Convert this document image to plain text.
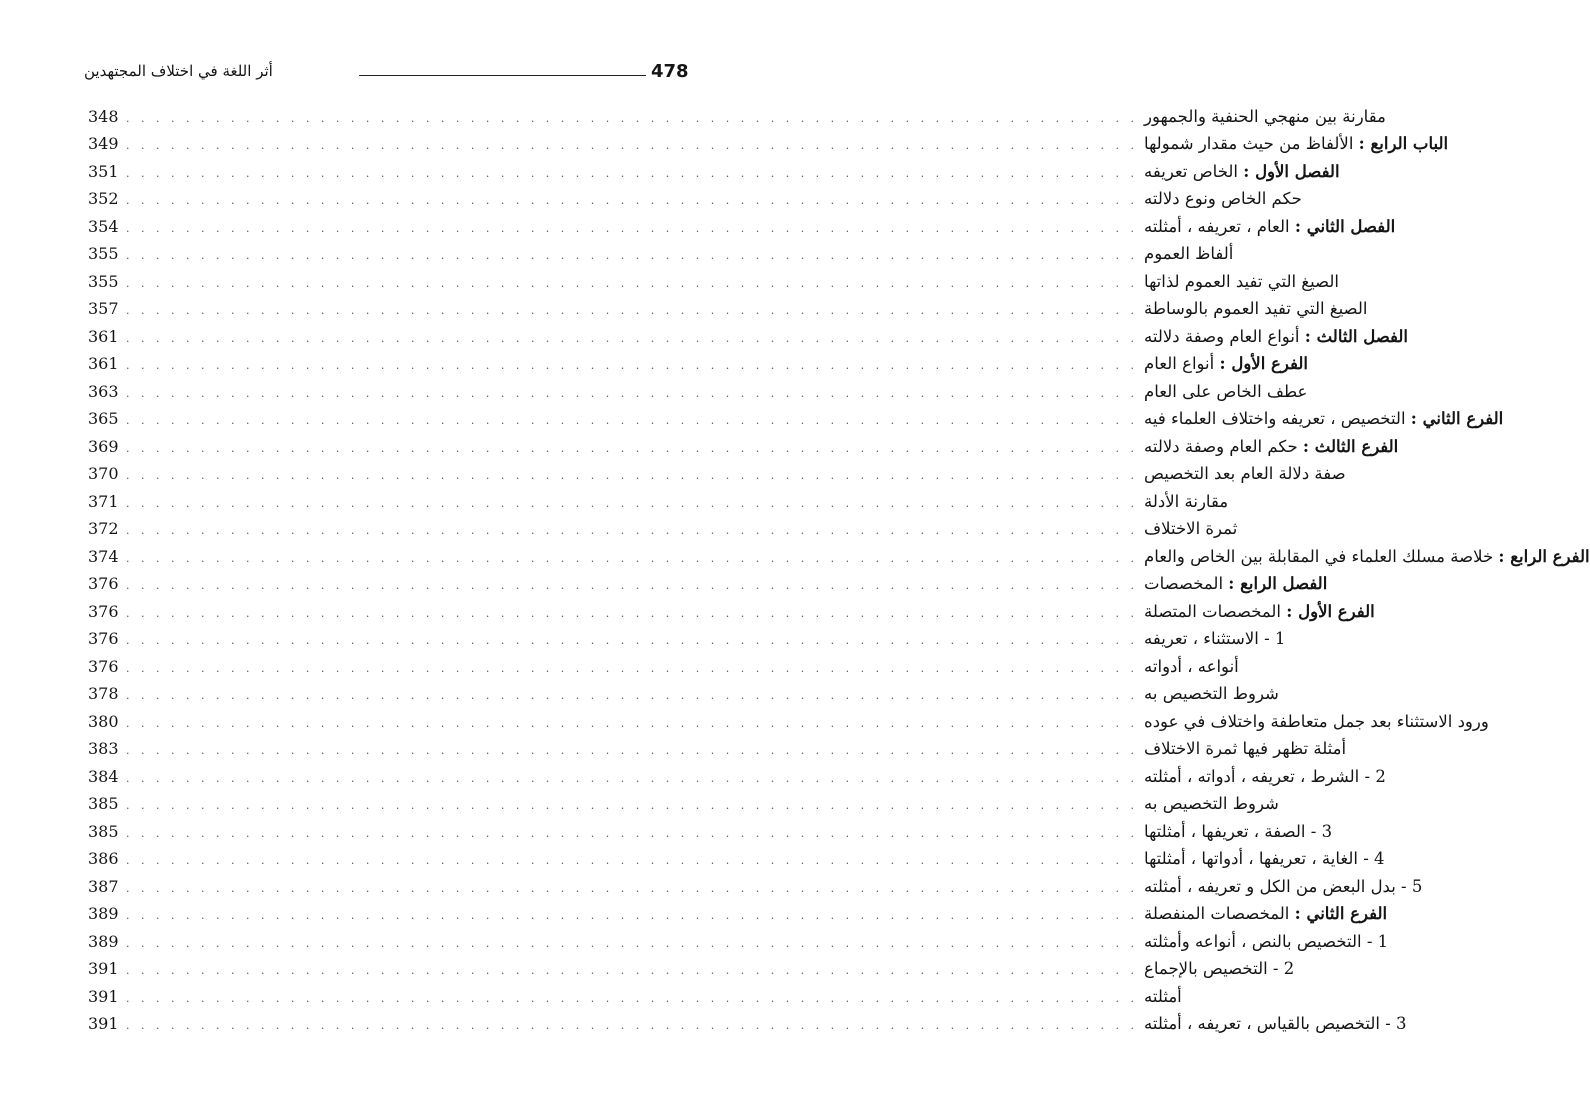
478
أثر اللغة في اختلاف المجتهدين
348 . . . . . . . . . . . . . . . . . . . . . . . . . . . . . . . . . . . . . . . . . . . . . . . . . . . . . . . . . . . . . . . . . . . . مقارنة بين منهجي الحنفية والجمهور
349 . . . . . . . . . . . . . . . . . . . . . . . . . . . . . . . . . . . . . . . . . . . . . . . . . . . . . . . . . . . . . . . . . . . .	الباب الرابع : الألفاظ من حيث مقدار شمولها
351 . . . . . . . . . . . . . . . . . . . . . . . . . . . . . . . . . . . . . . . . . . . . . . . . . . . . . . . . . . . . . . . . . . . .	الفصل الأول : الخاص تعريفه
352 . . . . . . . . . . . . . . . . . . . . . . . . . . . . . . . . . . . . . . . . . . . . . . . . . . . . . . . . . . . . . . . . . . . . حكم الخاص ونوع دلالته
354 . . . . . . . . . . . . . . . . . . . . . . . . . . . . . . . . . . . . . . . . . . . . . . . . . . . . . . . . . . . . . . . . . . . .	الفصل الثاني : العام ، تعريفه ، أمثلته
355 . . . . . . . . . . . . . . . . . . . . . . . . . . . . . . . . . . . . . . . . . . . . . . . . . . . . . . . . . . . . . . . . . . . . ألفاظ العموم
355 . . . . . . . . . . . . . . . . . . . . . . . . . . . . . . . . . . . . . . . . . . . . . . . . . . . . . . . . . . . . . . . . . . . . الصيغ التي تفيد العموم لذاتها
357 . . . . . . . . . . . . . . . . . . . . . . . . . . . . . . . . . . . . . . . . . . . . . . . . . . . . . . . . . . . . . . . . . . . . الصيغ التي تفيد العموم بالوساطة
361 . . . . . . . . . . . . . . . . . . . . . . . . . . . . . . . . . . . . . . . . . . . . . . . . . . . . . . . . . . . . . . . . . . . .	الفصل الثالث : أنواع العام وصفة دلالته
361 . . . . . . . . . . . . . . . . . . . . . . . . . . . . . . . . . . . . . . . . . . . . . . . . . . . . . . . . . . . . . . . . . . . .	الفرع الأول : أنواع العام
363 . . . . . . . . . . . . . . . . . . . . . . . . . . . . . . . . . . . . . . . . . . . . . . . . . . . . . . . . . . . . . . . . . . . . عطف الخاص على العام
365 . . . . . . . . . . . . . . . . . . . . . . . . . . . . . . . . . . . . . . . . . . . . . . . . . . . . . . . . . . . . . . . . . . . .	الفرع الثاني : التخصيص ، تعريفه واختلاف العلماء فيه
369 . . . . . . . . . . . . . . . . . . . . . . . . . . . . . . . . . . . . . . . . . . . . . . . . . . . . . . . . . . . . . . . . . . . .	الفرع الثالث : حكم العام وصفة دلالته
370 . . . . . . . . . . . . . . . . . . . . . . . . . . . . . . . . . . . . . . . . . . . . . . . . . . . . . . . . . . . . . . . . . . . . صفة دلالة العام بعد التخصيص
371 . . . . . . . . . . . . . . . . . . . . . . . . . . . . . . . . . . . . . . . . . . . . . . . . . . . . . . . . . . . . . . . . . . . . مقارنة الأدلة
372 . . . . . . . . . . . . . . . . . . . . . . . . . . . . . . . . . . . . . . . . . . . . . . . . . . . . . . . . . . . . . . . . . . . . ثمرة الاختلاف
374 . . . . . . . . . . . . . . . . . . . . . . . . . . . . . . . . . . . . . . . . . . . . . . . . . . . . . . . . . . . . . . . . . . . .	الفرع الرابع : خلاصة مسلك العلماء في المقابلة بين الخاص والعام
376 . . . . . . . . . . . . . . . . . . . . . . . . . . . . . . . . . . . . . . . . . . . . . . . . . . . . . . . . . . . . . . . . . . . .	الفصل الرابع : المخصصات
376 . . . . . . . . . . . . . . . . . . . . . . . . . . . . . . . . . . . . . . . . . . . . . . . . . . . . . . . . . . . . . . . . . . . .	الفرع الأول : المخصصات المتصلة
376 . . . . . . . . . . . . . . . . . . . . . . . . . . . . . . . . . . . . . . . . . . . . . . . . . . . . . . . . . . . . . . . . . . . . 1 - الاستثناء ، تعريفه
376 . . . . . . . . . . . . . . . . . . . . . . . . . . . . . . . . . . . . . . . . . . . . . . . . . . . . . . . . . . . . . . . . . . . . أنواعه ، أدواته
378 . . . . . . . . . . . . . . . . . . . . . . . . . . . . . . . . . . . . . . . . . . . . . . . . . . . . . . . . . . . . . . . . . . . . شروط التخصيص به
380 . . . . . . . . . . . . . . . . . . . . . . . . . . . . . . . . . . . . . . . . . . . . . . . . . . . . . . . . . . . . . . . . . . . . ورود الاستثناء بعد جمل متعاطفة واختلاف في عوده
383 . . . . . . . . . . . . . . . . . . . . . . . . . . . . . . . . . . . . . . . . . . . . . . . . . . . . . . . . . . . . . . . . . . . . أمثلة تظهر فيها ثمرة الاختلاف
384 . . . . . . . . . . . . . . . . . . . . . . . . . . . . . . . . . . . . . . . . . . . . . . . . . . . . . . . . . . . . . . . . . . . . 2 - الشرط ، تعريفه ، أدواته ، أمثلته
385 . . . . . . . . . . . . . . . . . . . . . . . . . . . . . . . . . . . . . . . . . . . . . . . . . . . . . . . . . . . . . . . . . . . . شروط التخصيص به
385 . . . . . . . . . . . . . . . . . . . . . . . . . . . . . . . . . . . . . . . . . . . . . . . . . . . . . . . . . . . . . . . . . . . . 3 - الصفة ، تعريفها ، أمثلتها
386 . . . . . . . . . . . . . . . . . . . . . . . . . . . . . . . . . . . . . . . . . . . . . . . . . . . . . . . . . . . . . . . . . . . . 4 - الغاية ، تعريفها ، أدواتها ، أمثلتها
387 . . . . . . . . . . . . . . . . . . . . . . . . . . . . . . . . . . . . . . . . . . . . . . . . . . . . . . . . . . . . . . . . . . . . 5 - بدل البعض من الكل و تعريفه ، أمثلته
389 . . . . . . . . . . . . . . . . . . . . . . . . . . . . . . . . . . . . . . . . . . . . . . . . . . . . . . . . . . . . . . . . . . . .	الفرع الثاني : المخصصات المنفصلة
389 . . . . . . . . . . . . . . . . . . . . . . . . . . . . . . . . . . . . . . . . . . . . . . . . . . . . . . . . . . . . . . . . . . . . 1 - التخصيص بالنص ، أنواعه وأمثلته
391 . . . . . . . . . . . . . . . . . . . . . . . . . . . . . . . . . . . . . . . . . . . . . . . . . . . . . . . . . . . . . . . . . . . . 2 - التخصيص بالإجماع
391 . . . . . . . . . . . . . . . . . . . . . . . . . . . . . . . . . . . . . . . . . . . . . . . . . . . . . . . . . . . . . . . . . . . . أمثلته
391 . . . . . . . . . . . . . . . . . . . . . . . . . . . . . . . . . . . . . . . . . . . . . . . . . . . . . . . . . . . . . . . . . . . . 3 - التخصيص بالقياس ، تعريفه ، أمثلته
